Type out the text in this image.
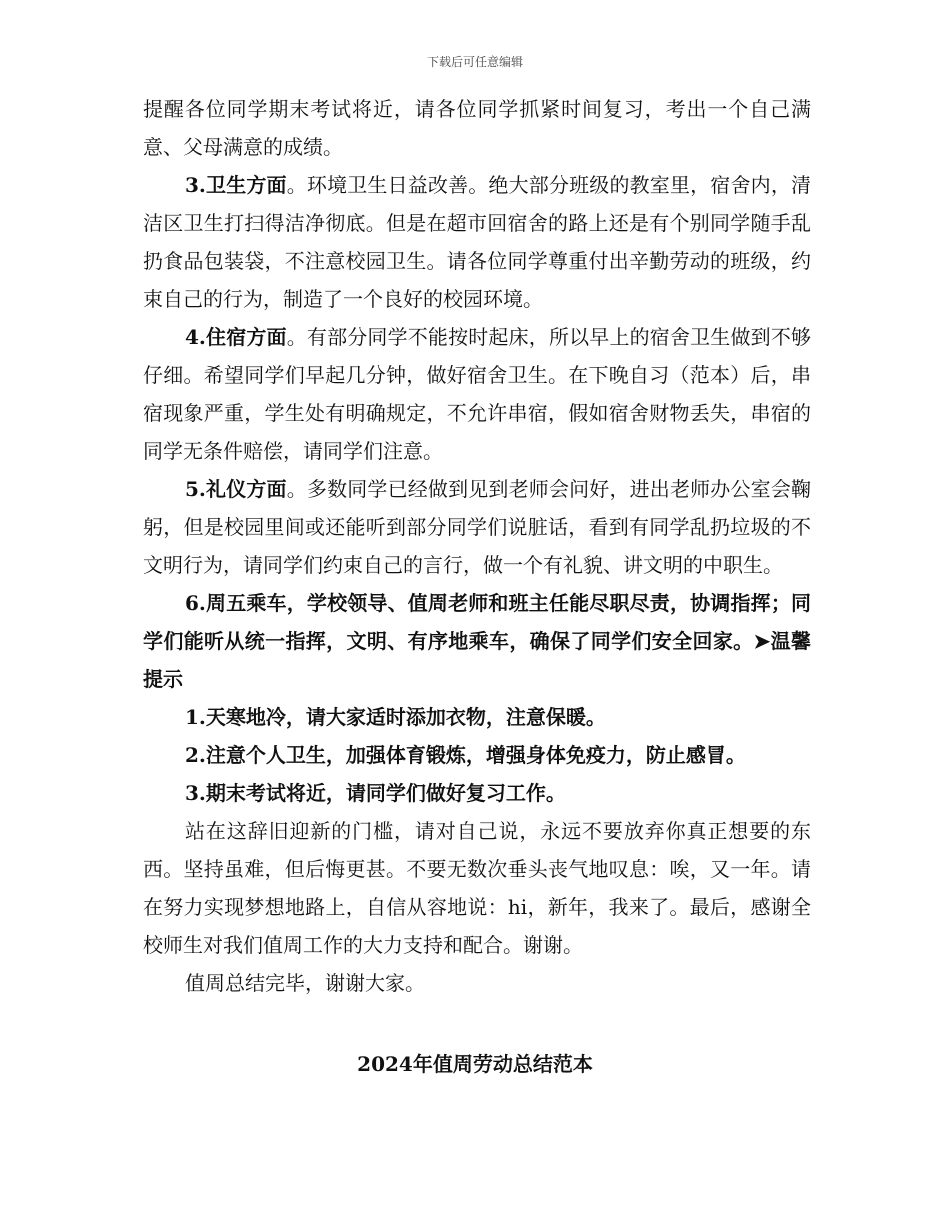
下载后可任意编辑

提醒各位同学期末考试将近，请各位同学抓紧时间复习，考出一个自己满意、父母满意的成绩。

3.卫生方面。环境卫生日益改善。绝大部分班级的教室里，宿舍内，清洁区卫生打扫得洁净彻底。但是在超市回宿舍的路上还是有个别同学随手乱扔食品包装袋，不注意校园卫生。请各位同学尊重付出辛勤劳动的班级，约束自己的行为，制造了一个良好的校园环境。

4.住宿方面。有部分同学不能按时起床，所以早上的宿舍卫生做到不够仔细。希望同学们早起几分钟，做好宿舍卫生。在下晚自习（范本）后，串宿现象严重，学生处有明确规定，不允许串宿，假如宿舍财物丢失，串宿的同学无条件赔偿，请同学们注意。

5.礼仪方面。多数同学已经做到见到老师会问好，进出老师办公室会鞠躬，但是校园里间或还能听到部分同学们说脏话，看到有同学乱扔垃圾的不文明行为，请同学们约束自己的言行，做一个有礼貌、讲文明的中职生。

6.周五乘车，学校领导、值周老师和班主任能尽职尽责，协调指挥；同学们能听从统一指挥，文明、有序地乘车，确保了同学们安全回家。➤温馨提示

1.天寒地冷，请大家适时添加衣物，注意保暖。

2.注意个人卫生，加强体育锻炼，增强身体免疫力，防止感冒。

3.期末考试将近，请同学们做好复习工作。

站在这辞旧迎新的门槛，请对自己说，永远不要放弃你真正想要的东西。坚持虽难，但后悔更甚。不要无数次垂头丧气地叹息：唉，又一年。请在努力实现梦想地路上，自信从容地说：hi，新年，我来了。最后，感谢全校师生对我们值周工作的大力支持和配合。谢谢。

值周总结完毕，谢谢大家。

2024年值周劳动总结范本
